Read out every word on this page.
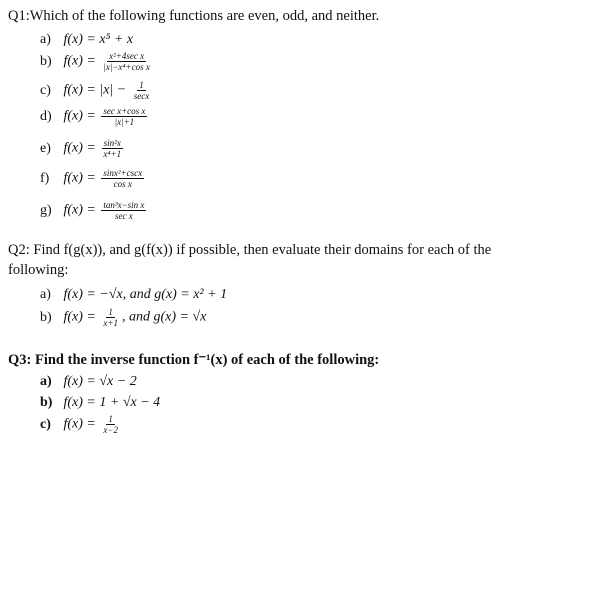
Q1:Which of the following functions are even, odd, and neither.
a) f(x) = x⁵ + x
b) $f(x) = \frac{\text{x²+4sec x}}{\text{|x|−x⁴+cos x}}$
c) $f(x) = |x| - \frac{1}{\sec x}$
d) $f(x) = \frac{\text{sec x+cos x}}{|x|+1}$
e) $f(x) = \frac{\text{sin²x}}{\text{x⁴+1}}$
f) $f(x) = \frac{\text{sinx²+cscx}}{\text{cos x}}$
g) $f(x) = \frac{\text{tan³x−sin x}}{\text{sec x}}$
Q2: Find f(g(x)), and g(f(x)) if possible, then evaluate their domains for each of the
following:
a) f(x) = −√x, and g(x) = x² + 1
b) $f(x) = \frac{1}{x+1}$ , and g(x) = √x
Q3: Find the inverse function f⁻¹(x) of each of the following:
a) f(x) = √x − 2
b) f(x) = 1 + √x − 4
c) $f(x) = \frac{1}{x-2}$
